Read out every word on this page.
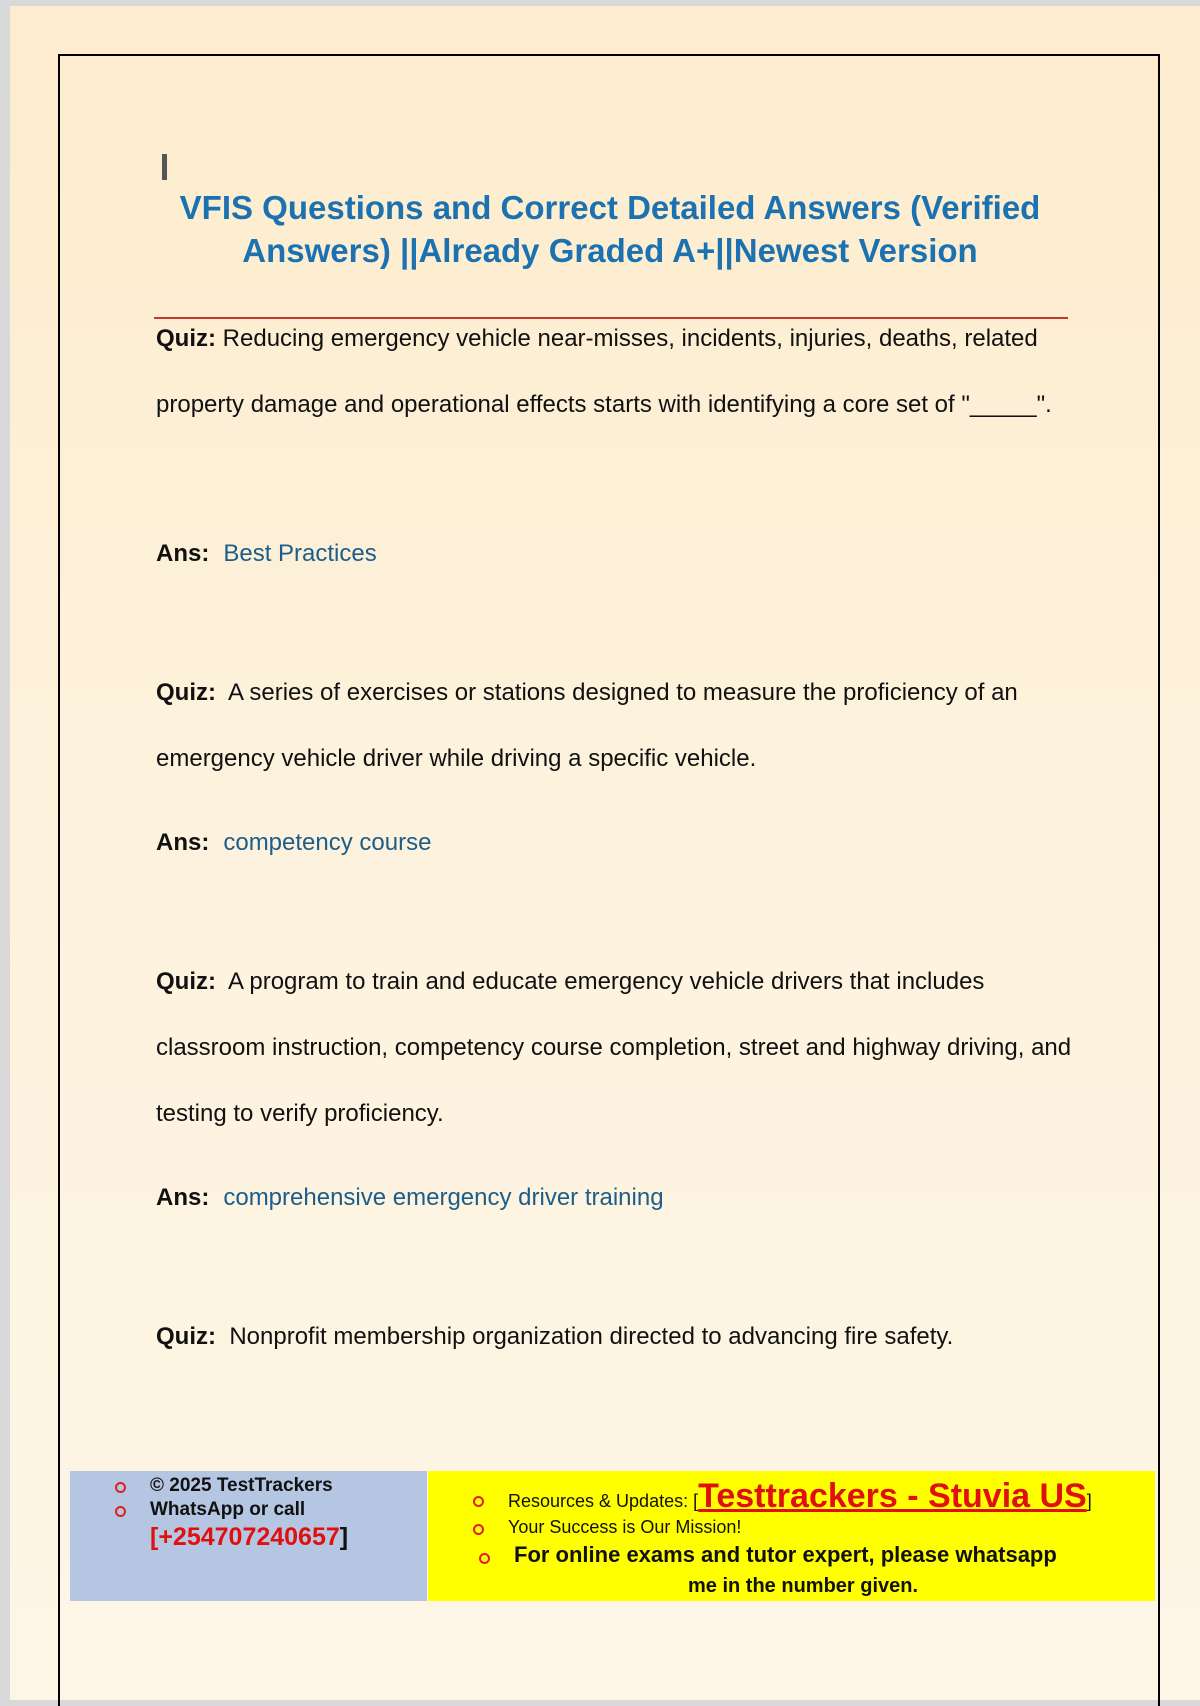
VFIS Questions and Correct Detailed Answers (Verified Answers) ||Already Graded A+||Newest Version

Quiz: Reducing emergency vehicle near-misses, incidents, injuries, deaths, related property damage and operational effects starts with identifying a core set of "_____".

Ans: Best Practices

Quiz: A series of exercises or stations designed to measure the proficiency of an emergency vehicle driver while driving a specific vehicle.

Ans: competency course

Quiz: A program to train and educate emergency vehicle drivers that includes classroom instruction, competency course completion, street and highway driving, and testing to verify proficiency.

Ans: comprehensive emergency driver training

Quiz: Nonprofit membership organization directed to advancing fire safety.

© 2025 TestTrackers
WhatsApp or call
[+254707240657]
Resources & Updates: [Testtrackers - Stuvia US]
Your Success is Our Mission!
For online exams and tutor expert, please whatsapp
me in the number given.
